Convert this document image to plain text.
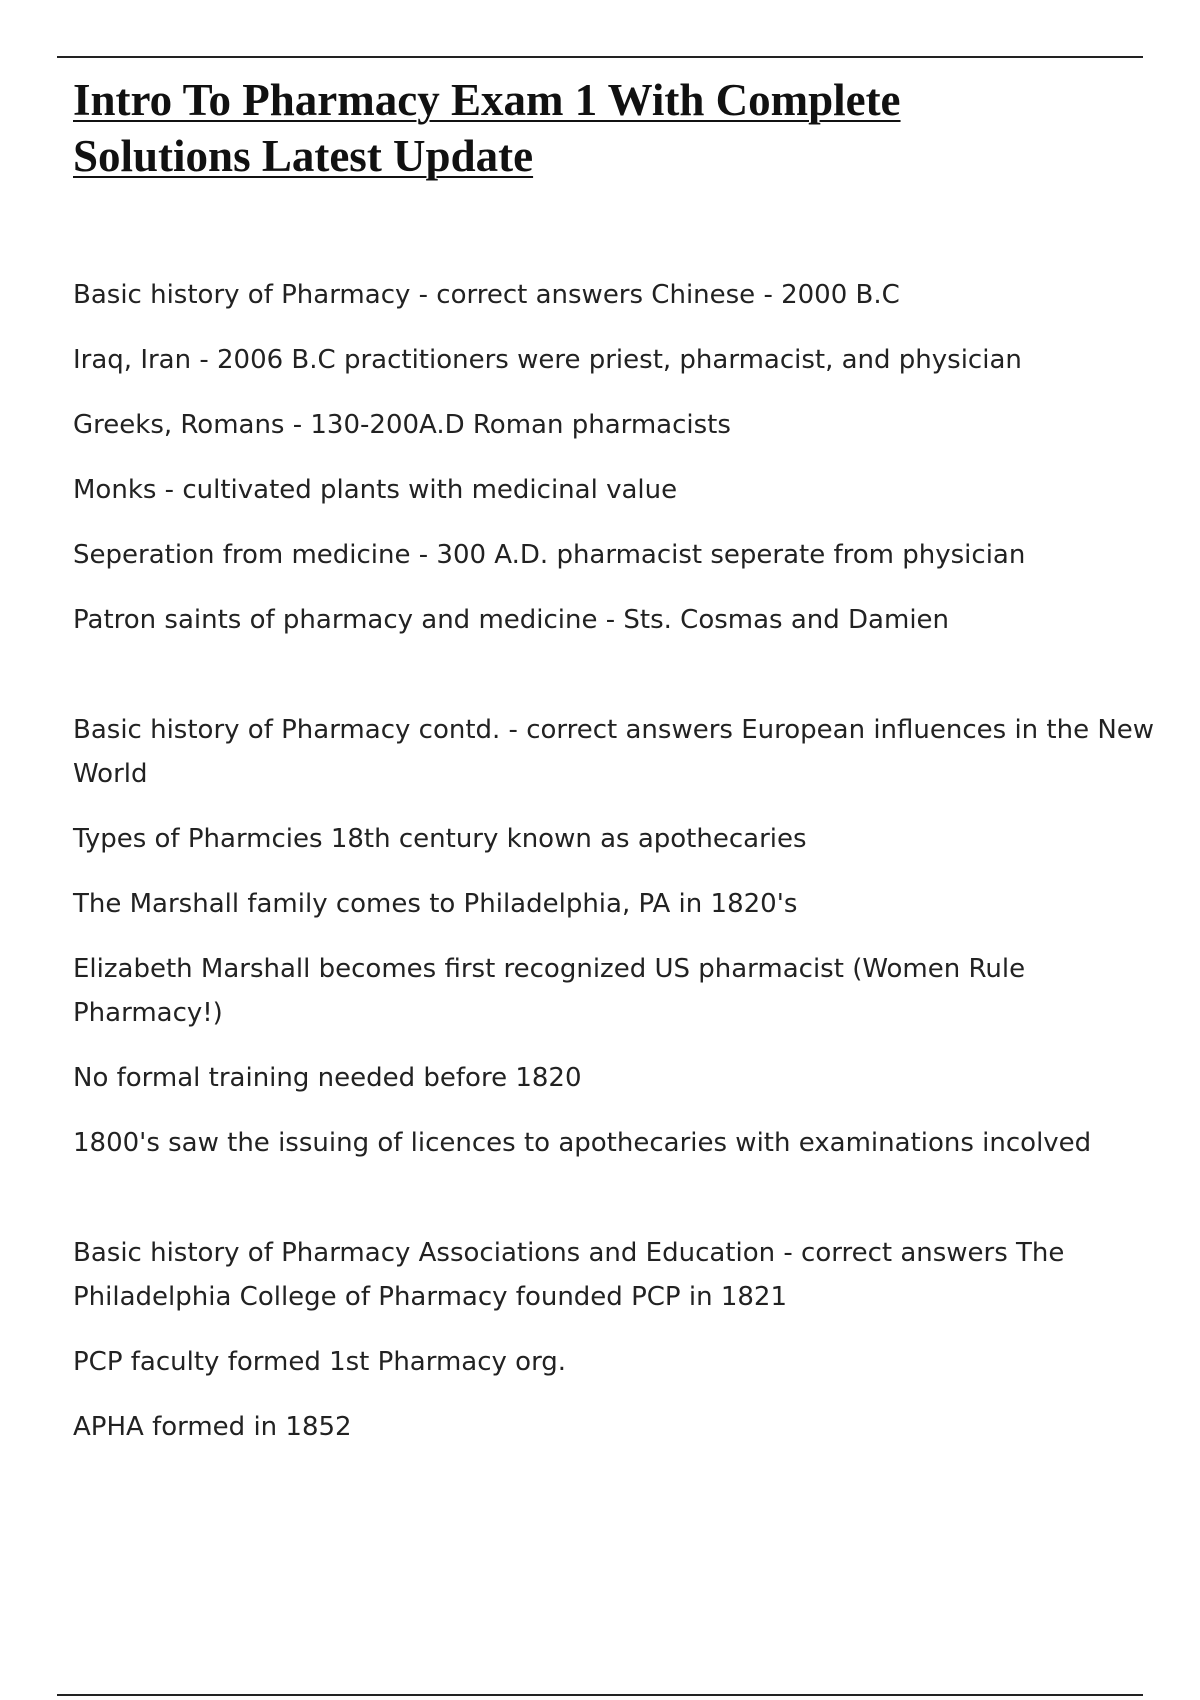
Intro To Pharmacy Exam 1 With Complete
Solutions Latest Update

Basic history of Pharmacy - correct answers Chinese - 2000 B.C

Iraq, Iran - 2006 B.C practitioners were priest, pharmacist, and physician

Greeks, Romans - 130-200A.D Roman pharmacists

Monks - cultivated plants with medicinal value

Seperation from medicine - 300 A.D. pharmacist seperate from physician

Patron saints of pharmacy and medicine - Sts. Cosmas and Damien

Basic history of Pharmacy contd. - correct answers European influences in the New World

Types of Pharmcies 18th century known as apothecaries

The Marshall family comes to Philadelphia, PA in 1820's

Elizabeth Marshall becomes first recognized US pharmacist (Women Rule Pharmacy!)

No formal training needed before 1820

1800's saw the issuing of licences to apothecaries with examinations incolved

Basic history of Pharmacy Associations and Education - correct answers The Philadelphia College of Pharmacy founded PCP in 1821

PCP faculty formed 1st Pharmacy org.

APHA formed in 1852
